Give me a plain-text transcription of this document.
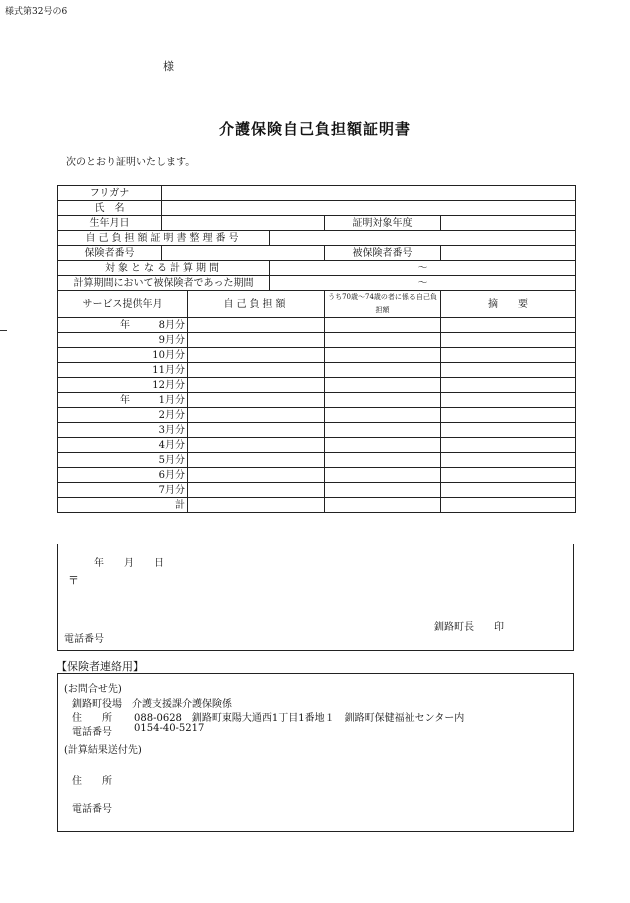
様式第32号の6
様
介護保険自己負担額証明書
次のとおり証明いたします。
フリガナ					
氏　名					
生年月日				証明対象年度	
自己負担額証明書整理番号					
保険者番号				被保険者番号	
対象となる計算期間			～		
計算期間において被保険者であった期間			～		
サービス提供年月		自己負担額		うち70歳～74歳の者に係る自己負担額	摘　　要

年 8月分					

9月分					

10月分					

11月分					

12月分					

年 1月分					

2月分					

3月分					

4月分					

5月分					

6月分					

7月分					

計					
年　　月　　日
〒
釧路町長　　印
電話番号
【保険者連絡用】
(お問合せ先)
釧路町役場　介護支援課介護保険係
住　　所 088-0628　釧路町東陽大通西1丁目1番地１　釧路町保健福祉センター内
電話番号 0154-40-5217
(計算結果送付先)
住　　所
電話番号
